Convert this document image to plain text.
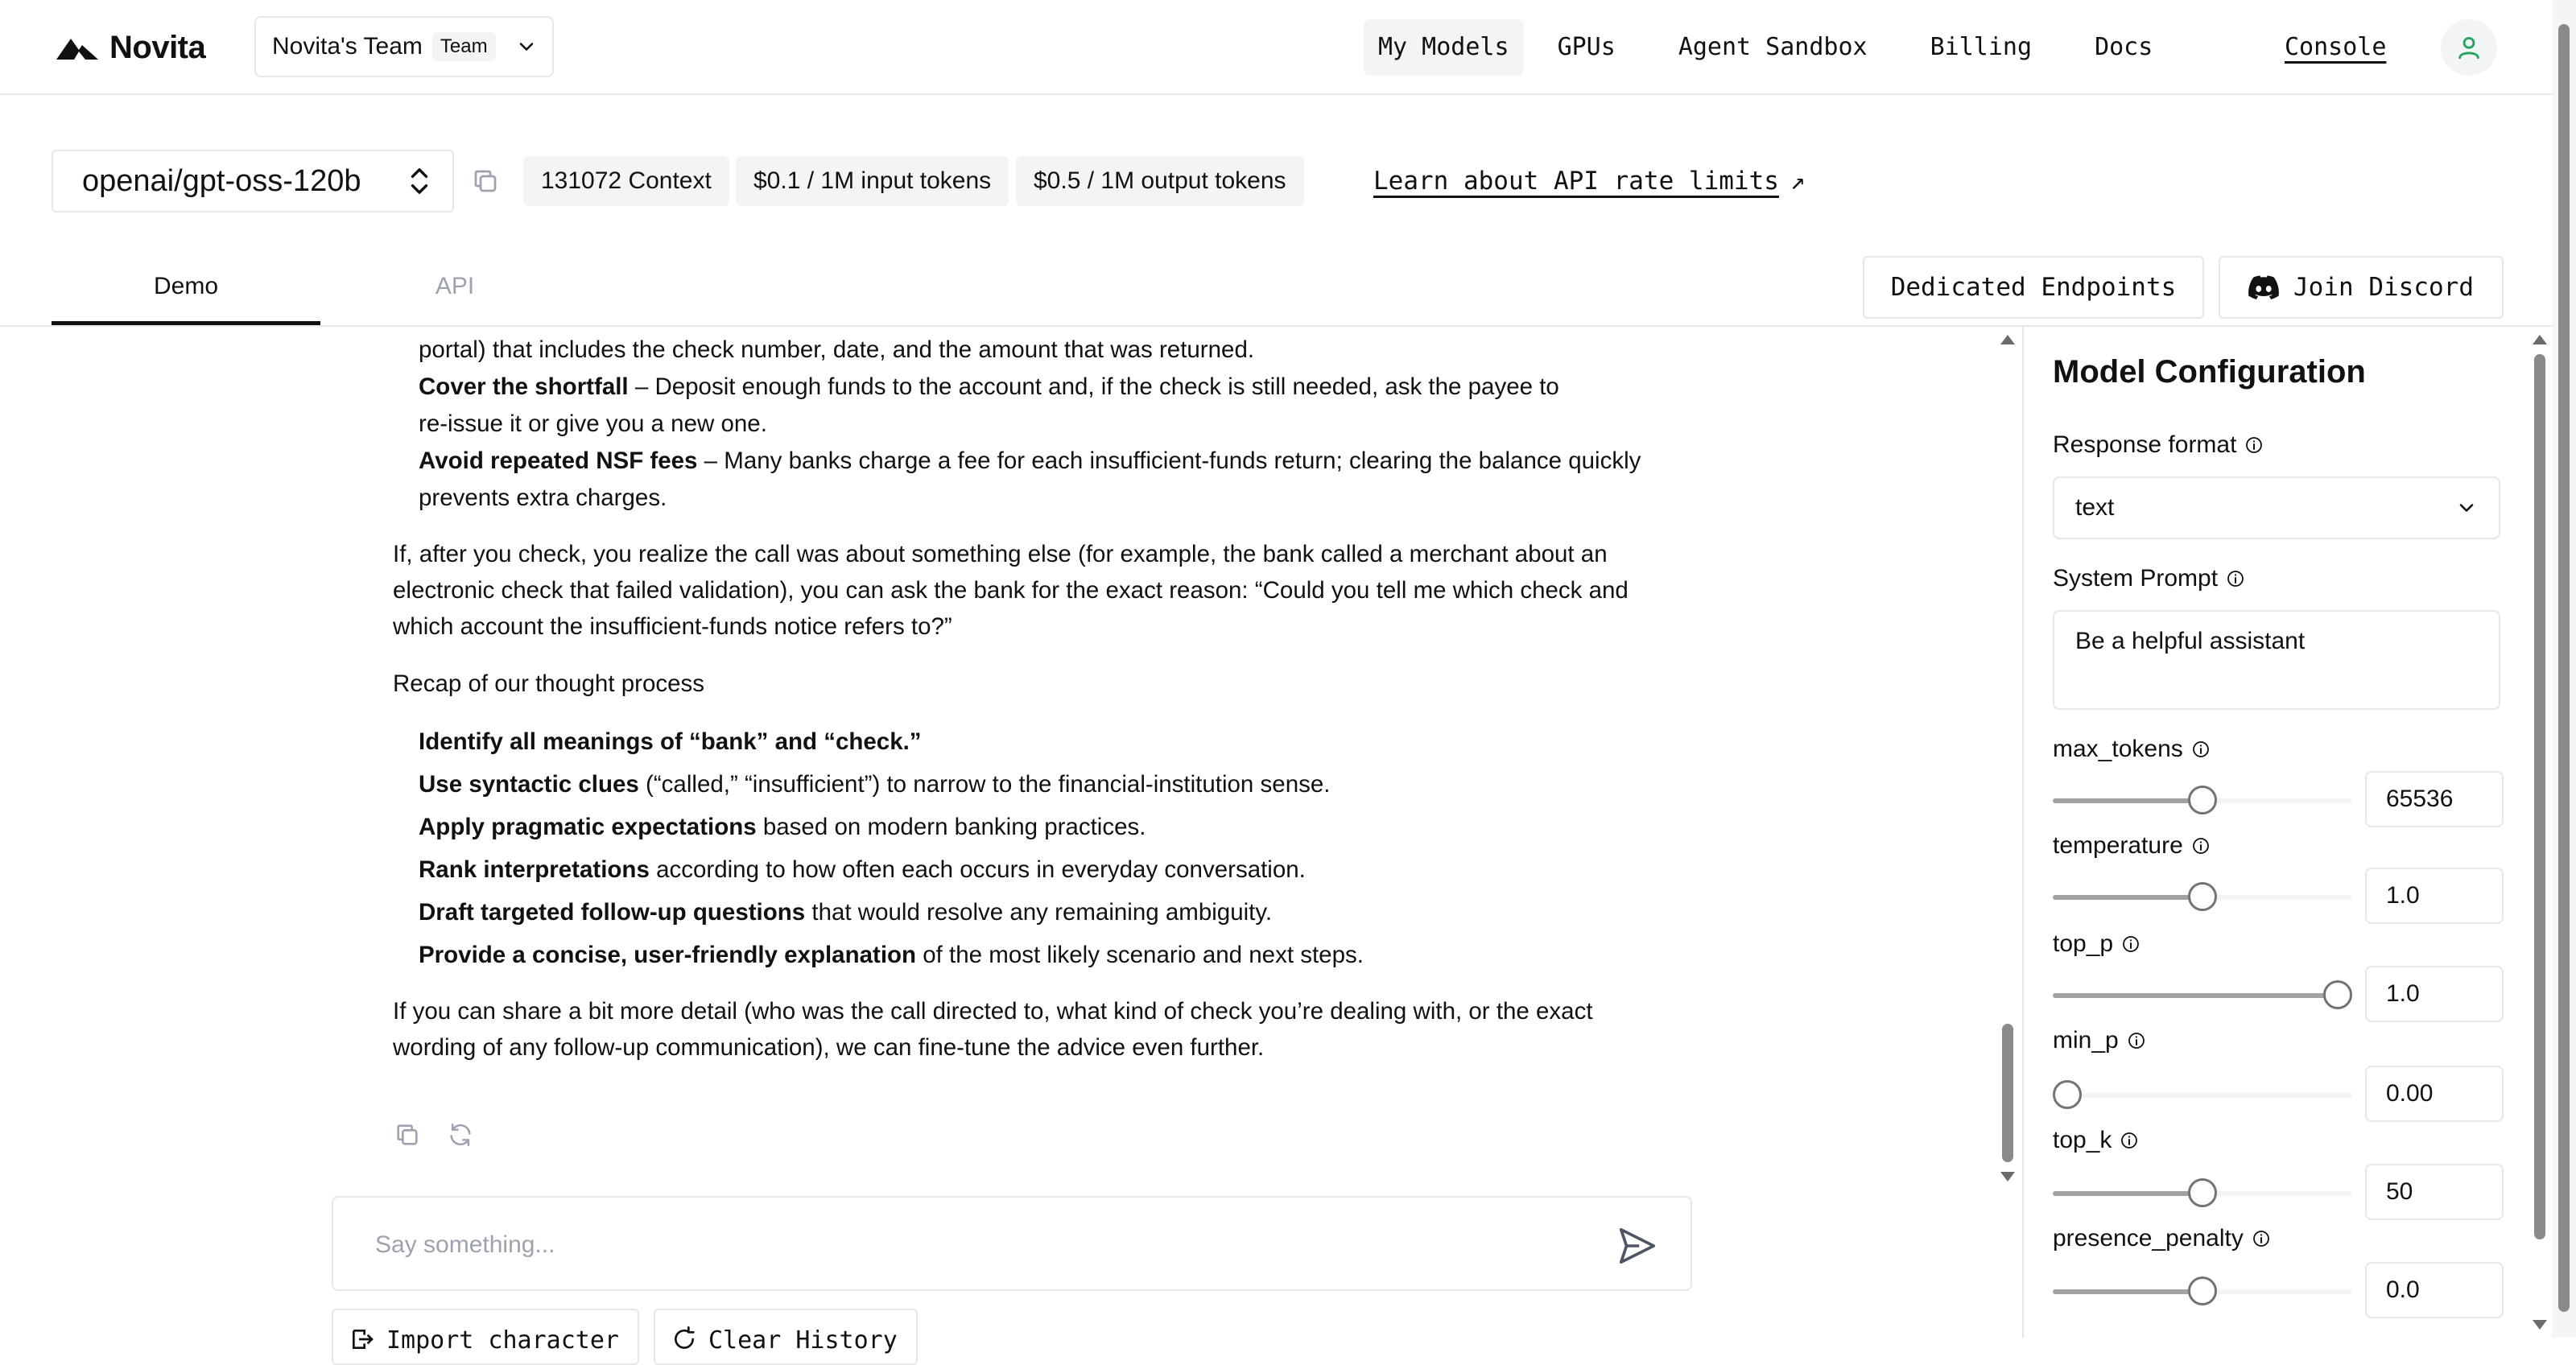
Novita	Novita's Team Team	My Models	GPUs	Agent Sandbox	Billing	Docs	Console
openai/gpt-oss-120b	131072 Context	$0.1 / 1M input tokens	$0.5 / 1M output tokens	Learn about API rate limits ↗
Demo	API	Dedicated Endpoints	Join Discord
portal) that includes the check number, date, and the amount that was returned.
Cover the shortfall – Deposit enough funds to the account and, if the check is still needed, ask the payee to re-issue it or give you a new one.
Avoid repeated NSF fees – Many banks charge a fee for each insufficient-funds return; clearing the balance quickly prevents extra charges.

If, after you check, you realize the call was about something else (for example, the bank called a merchant about an electronic check that failed validation), you can ask the bank for the exact reason: “Could you tell me which check and which account the insufficient-funds notice refers to?”

Recap of our thought process

Identify all meanings of “bank” and “check.”
Use syntactic clues (“called,” “insufficient”) to narrow to the financial-institution sense.
Apply pragmatic expectations based on modern banking practices.
Rank interpretations according to how often each occurs in everyday conversation.
Draft targeted follow-up questions that would resolve any remaining ambiguity.
Provide a concise, user-friendly explanation of the most likely scenario and next steps.

If you can share a bit more detail (who was the call directed to, what kind of check you’re dealing with, or the exact wording of any follow-up communication), we can fine-tune the advice even further.

Say something...
Import character	Clear History
Model Configuration
Response format
text
System Prompt
Be a helpful assistant
max_tokens
65536
temperature
1.0
top_p
1.0
min_p
0.00
top_k
50
presence_penalty
0.0
